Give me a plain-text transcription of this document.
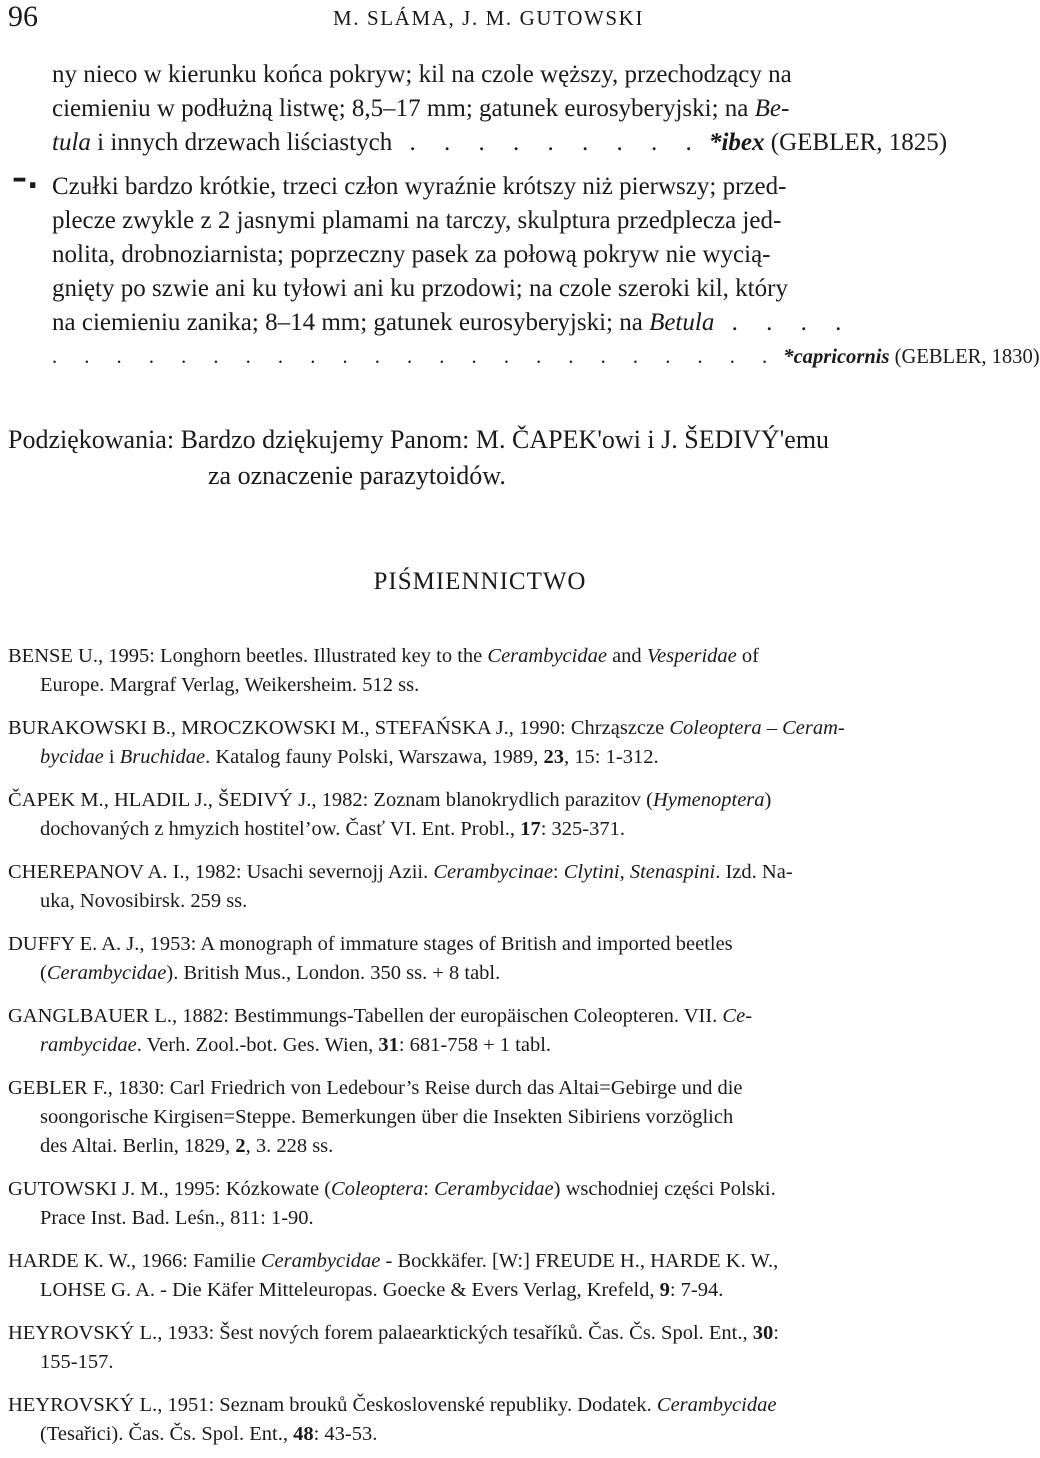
96	M. SLÁMA, J. M. GUTOWSKI
ny nieco w kierunku końca pokryw; kil na czole węższy, przechodzący na
ciemieniu w podłużną listwę; 8,5–17 mm; gatunek eurosyberyjski; na Be-
tula i innych drzewach liściastych . . . . . . . . . *ibex (GEBLER, 1825)
–. Czułki bardzo krótkie, trzeci człon wyraźnie krótszy niż pierwszy; przed-
plecze zwykle z 2 jasnymi plamami na tarczy, skulptura przedplecza jed-
nolita, drobnoziarnista; poprzeczny pasek za połową pokryw nie wycią-
gnięty po szwie ani ku tyłowi ani ku przodowi; na czole szeroki kil, który
na ciemieniu zanika; 8–14 mm; gatunek eurosyberyjski; na Betula . . . .
. . . . . . . . . . . . . . . . . . . . . . . *capricornis (GEBLER, 1830)
Podziękowania: Bardzo dziękujemy Panom: M. ČAPEK'owi i J. ŠEDIVÝ'emu
za oznaczenie parazytoidów.
PIŚMIENNICTWO
BENSE U., 1995: Longhorn beetles. Illustrated key to the Cerambycidae and Vesperidae of
Europe. Margraf Verlag, Weikersheim. 512 ss.
BURAKOWSKI B., MROCZKOWSKI M., STEFAŃSKA J., 1990: Chrząszcze Coleoptera – Ceram-
bycidae i Bruchidae. Katalog fauny Polski, Warszawa, 1989, 23, 15: 1-312.
ČAPEK M., HLADIL J., ŠEDIVÝ J., 1982: Zoznam blanokrydlich parazitov (Hymenoptera)
dochovaných z hmyzich hostitel’ow. Časť VI. Ent. Probl., 17: 325-371.
CHEREPANOV A. I., 1982: Usachi severnojj Azii. Cerambycinae: Clytini, Stenaspini. Izd. Na-
uka, Novosibirsk. 259 ss.
DUFFY E. A. J., 1953: A monograph of immature stages of British and imported beetles
(Cerambycidae). British Mus., London. 350 ss. + 8 tabl.
GANGLBAUER L., 1882: Bestimmungs-Tabellen der europäischen Coleopteren. VII. Ce-
rambycidae. Verh. Zool.-bot. Ges. Wien, 31: 681-758 + 1 tabl.
GEBLER F., 1830: Carl Friedrich von Ledebour’s Reise durch das Altai=Gebirge und die
soongorische Kirgisen=Steppe. Bemerkungen über die Insekten Sibiriens vorzöglich
des Altai. Berlin, 1829, 2, 3. 228 ss.
GUTOWSKI J. M., 1995: Kózkowate (Coleoptera: Cerambycidae) wschodniej części Polski.
Prace Inst. Bad. Leśn., 811: 1-90.
HARDE K. W., 1966: Familie Cerambycidae - Bockkäfer. [W:] FREUDE H., HARDE K. W.,
LOHSE G. A. - Die Käfer Mitteleuropas. Goecke & Evers Verlag, Krefeld, 9: 7-94.
HEYROVSKÝ L., 1933: Šest nových forem palaearktických tesaříků. Čas. Čs. Spol. Ent., 30:
155-157.
HEYROVSKÝ L., 1951: Seznam brouků Československé republiky. Dodatek. Cerambycidae
(Tesařici). Čas. Čs. Spol. Ent., 48: 43-53.
